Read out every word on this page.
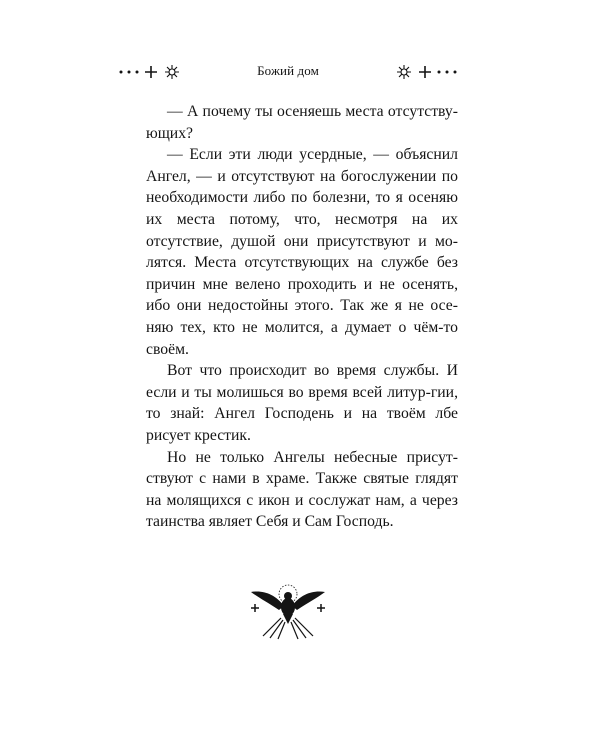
Божий дом

— А почему ты осеняешь места отсутству-ющих?

— Если эти люди усердные, — объяснил Ангел, — и отсутствуют на богослужении по необходимости либо по болезни, то я осеняю их места потому, что, несмотря на их отсутствие, душой они присутствуют и мо-лятся. Места отсутствующих на службе без причин мне велено проходить и не осенять, ибо они недостойны этого. Так же я не осе-няю тех, кто не молится, а думает о чём-то своём.

Вот что происходит во время службы. И если и ты молишься во время всей литур-гии, то знай: Ангел Господень и на твоём лбе рисует крестик.

Но не только Ангелы небесные присут-ствуют с нами в храме. Также святые глядят на молящихся с икон и сослужат нам, а через таинства являет Себя и Сам Господь.
